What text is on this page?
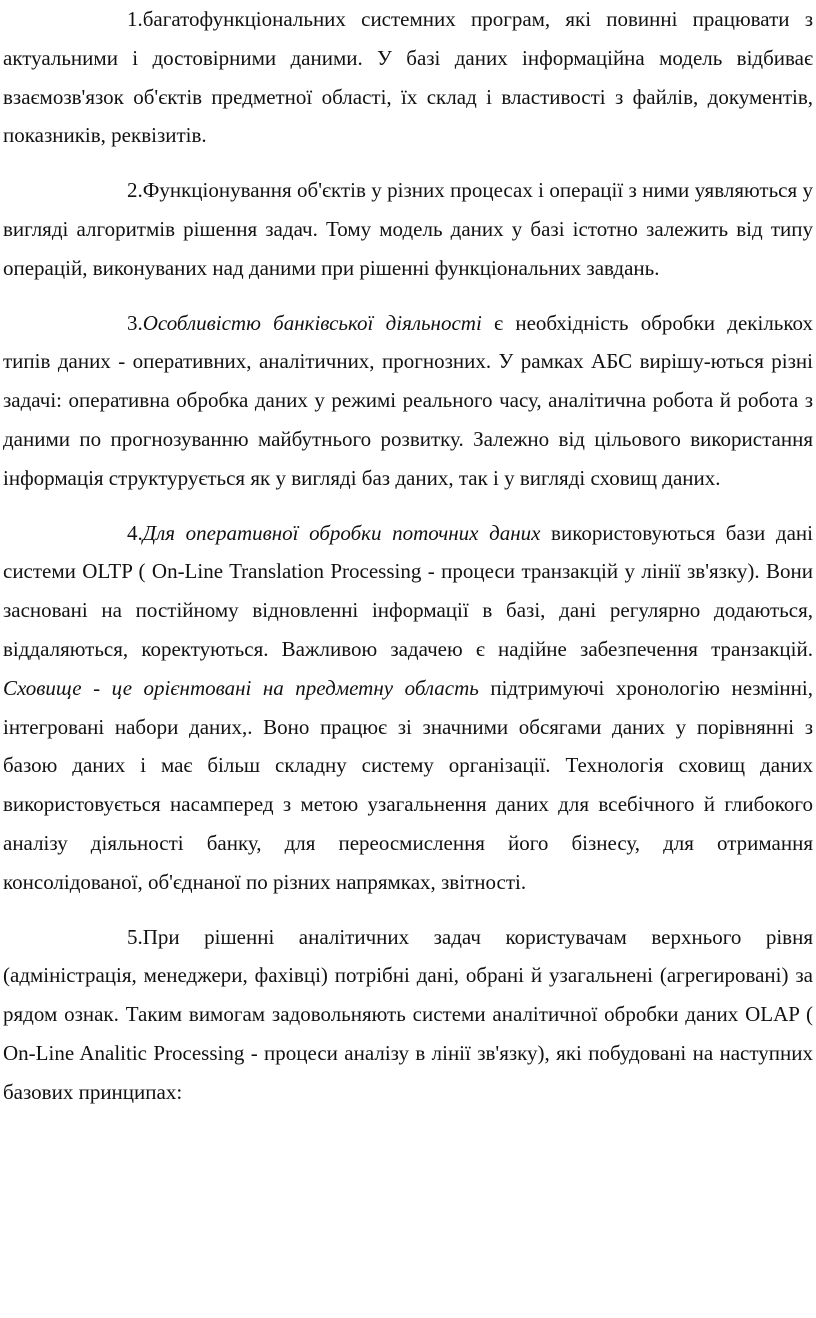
1.багатофункціональних системних програм, які повинні працювати з актуальними і достовірними даними. У базі даних інформаційна модель відбиває взаємозв'язок об'єктів предметної області, їх склад і властивості з файлів, документів, показників, реквізитів.

2.Функціонування об'єктів у різних процесах і операції з ними уявляються у вигляді алгоритмів рішення задач. Тому модель даних у базі істотно залежить від типу операцій, виконуваних над даними при рішенні функціональних завдань.

3.Особливістю банківської діяльності є необхідність обробки декількох типів даних - оперативних, аналітичних, прогнозних. У рамках АБС вирішу-ються різні задачі: оперативна обробка даних у режимі реального часу, аналітична робота й робота з даними по прогнозуванню майбутнього розвитку. Залежно від цільового використання інформація структурується як у вигляді баз даних, так і у вигляді сховищ даних.

4.Для оперативної обробки поточних даних використовуються бази дані системи OLTP ( On-Line Translation Processing - процеси транзакцій у лінії зв'язку). Вони засновані на постійному відновленні інформації в базі, дані регулярно додаються, віддаляються, коректуються. Важливою задачею є надійне забезпечення транзакцій. Сховище - це орієнтовані на предметну область підтримуючі хронологію незмінні, інтегровані набори даних,. Воно працює зі значними обсягами даних у порівнянні з базою даних і має більш складну систему організації. Технологія сховищ даних використовується насамперед з метою узагальнення даних для всебічного й глибокого аналізу діяльності банку, для переосмислення його бізнесу, для отримання консолідованої, об'єднаної по різних напрямках, звітності.

5.При рішенні аналітичних задач користувачам верхнього рівня (адміністрація, менеджери, фахівці) потрібні дані, обрані й узагальнені (агрегировані) за рядом ознак. Таким вимогам задовольняють системи аналітичної обробки даних OLAP ( On-Line Analitic Processing - процеси аналізу в лінії зв'язку), які побудовані на наступних базових принципах:
